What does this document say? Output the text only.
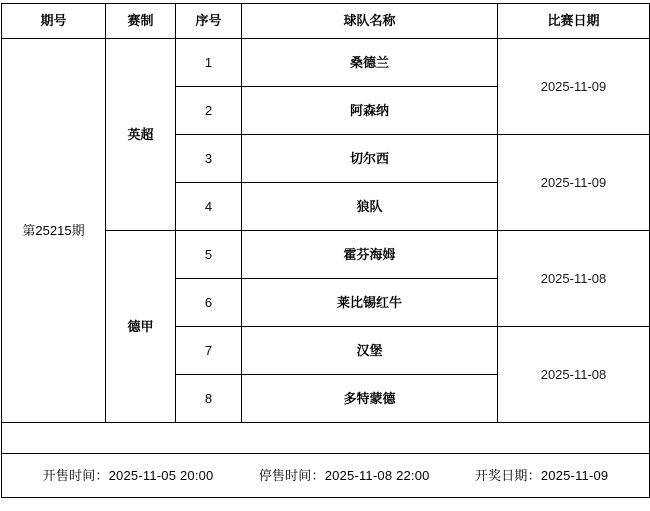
期号	赛制	序号	球队名称	比赛日期
第25215期	英超	1	桑德兰	2025-11-09
		2	阿森纳	
		3	切尔西	2025-11-09
		4	狼队	
	德甲	5	霍芬海姆	2025-11-08
		6	莱比锡红牛	
		7	汉堡	2025-11-08
		8	多特蒙德	

开售时间：2025-11-05 20:00 停售时间：2025-11-08 22:00 开奖日期：2025-11-09				
